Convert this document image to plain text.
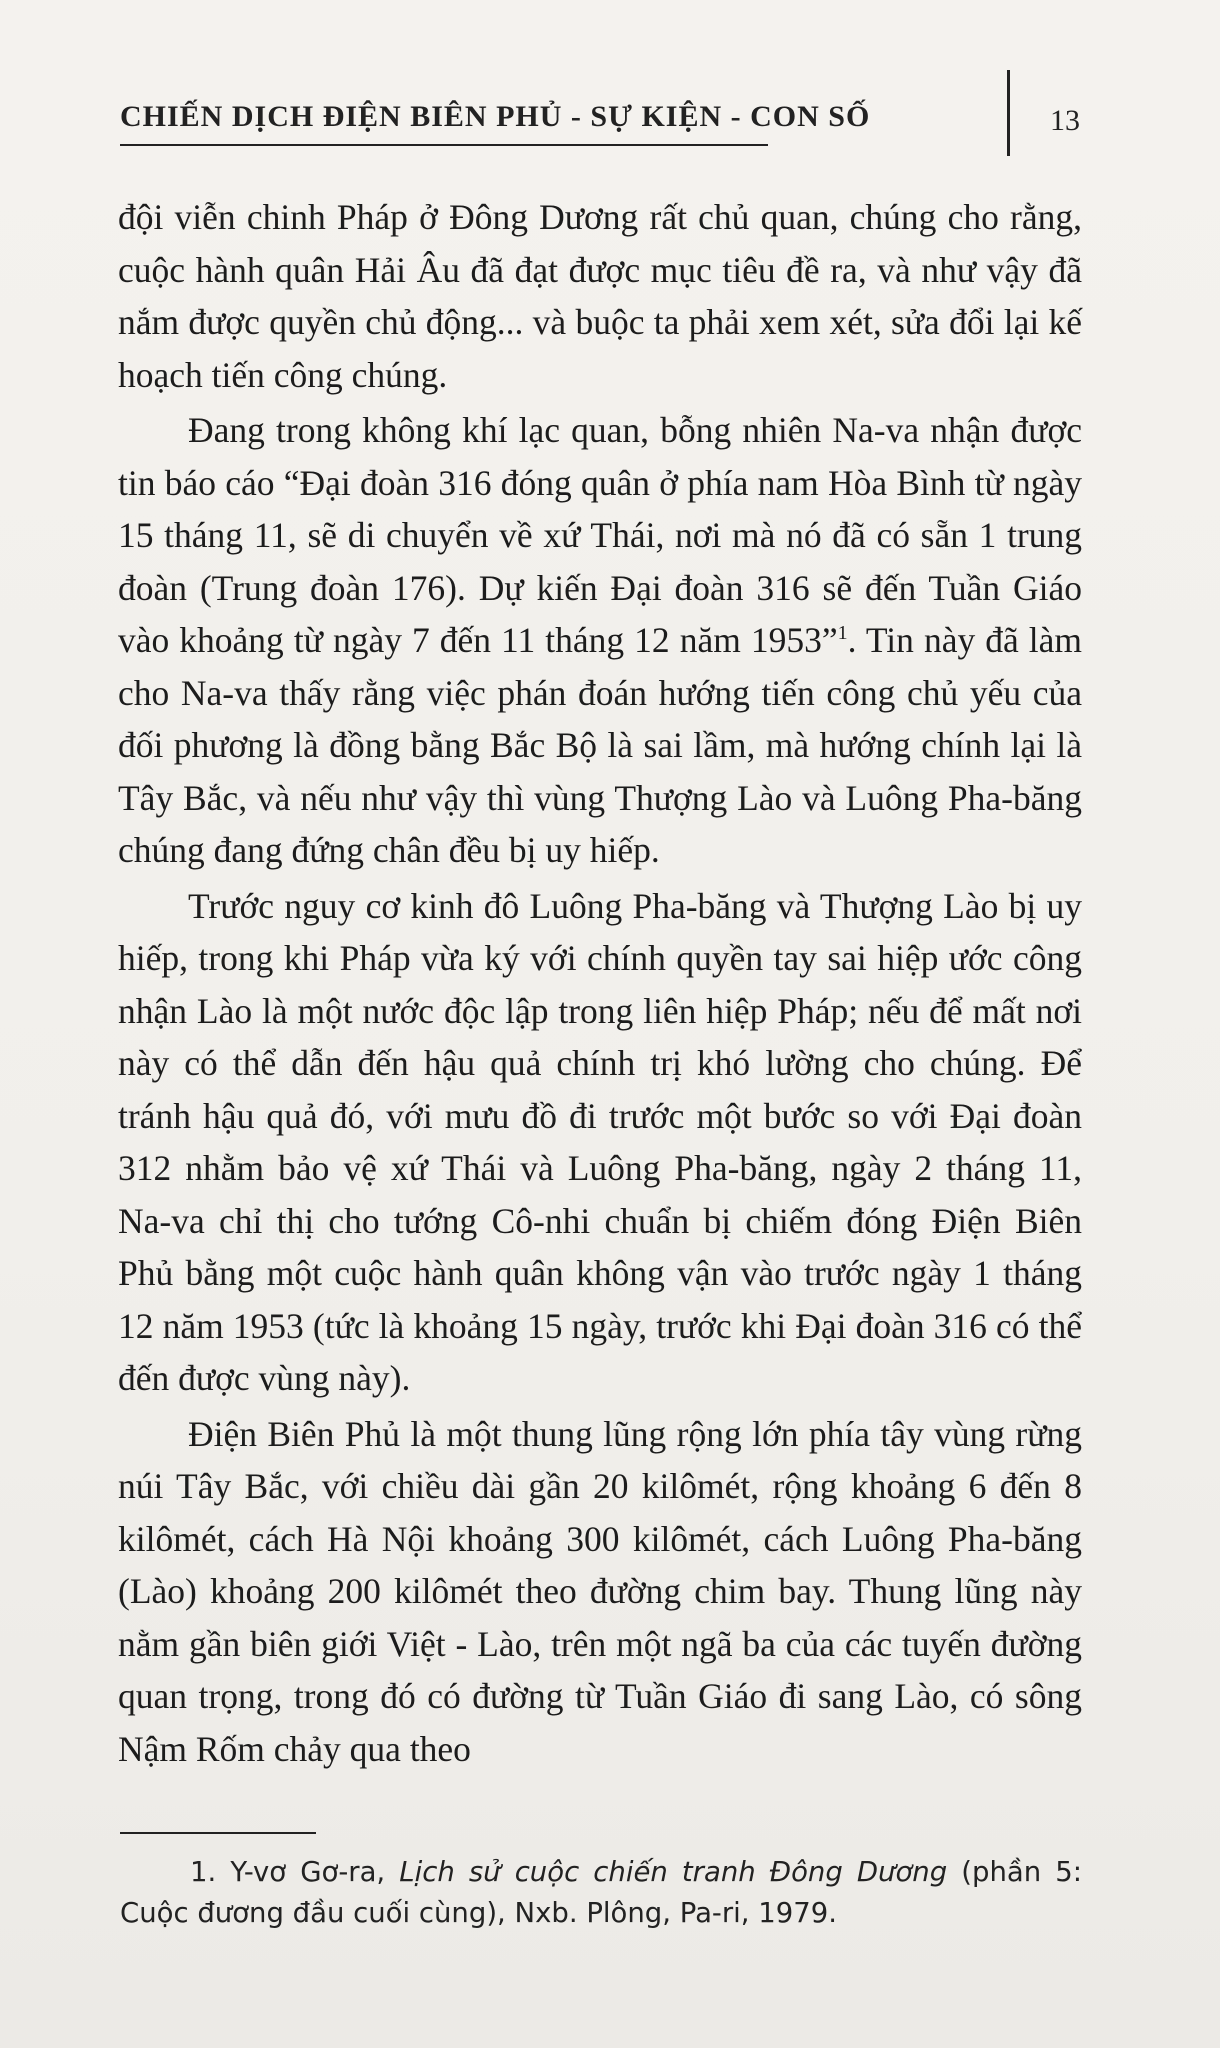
CHIẾN DỊCH ĐIỆN BIÊN PHỦ - SỰ KIỆN - CON SỐ	13

đội viễn chinh Pháp ở Đông Dương rất chủ quan, chúng cho rằng, cuộc hành quân Hải Âu đã đạt được mục tiêu đề ra, và như vậy đã nắm được quyền chủ động... và buộc ta phải xem xét, sửa đổi lại kế hoạch tiến công chúng.

Đang trong không khí lạc quan, bỗng nhiên Na-va nhận được tin báo cáo “Đại đoàn 316 đóng quân ở phía nam Hòa Bình từ ngày 15 tháng 11, sẽ di chuyển về xứ Thái, nơi mà nó đã có sẵn 1 trung đoàn (Trung đoàn 176). Dự kiến Đại đoàn 316 sẽ đến Tuần Giáo vào khoảng từ ngày 7 đến 11 tháng 12 năm 1953”$^1$. Tin này đã làm cho Na-va thấy rằng việc phán đoán hướng tiến công chủ yếu của đối phương là đồng bằng Bắc Bộ là sai lầm, mà hướng chính lại là Tây Bắc, và nếu như vậy thì vùng Thượng Lào và Luông Pha-băng chúng đang đứng chân đều bị uy hiếp.

Trước nguy cơ kinh đô Luông Pha-băng và Thượng Lào bị uy hiếp, trong khi Pháp vừa ký với chính quyền tay sai hiệp ước công nhận Lào là một nước độc lập trong liên hiệp Pháp; nếu để mất nơi này có thể dẫn đến hậu quả chính trị khó lường cho chúng. Để tránh hậu quả đó, với mưu đồ đi trước một bước so với Đại đoàn 312 nhằm bảo vệ xứ Thái và Luông Pha-băng, ngày 2 tháng 11, Na-va chỉ thị cho tướng Cô-nhi chuẩn bị chiếm đóng Điện Biên Phủ bằng một cuộc hành quân không vận vào trước ngày 1 tháng 12 năm 1953 (tức là khoảng 15 ngày, trước khi Đại đoàn 316 có thể đến được vùng này).

Điện Biên Phủ là một thung lũng rộng lớn phía tây vùng rừng núi Tây Bắc, với chiều dài gần 20 kilômét, rộng khoảng 6 đến 8 kilômét, cách Hà Nội khoảng 300 kilômét, cách Luông Pha-băng (Lào) khoảng 200 kilômét theo đường chim bay. Thung lũng này nằm gần biên giới Việt - Lào, trên một ngã ba của các tuyến đường quan trọng, trong đó có đường từ Tuần Giáo đi sang Lào, có sông Nậm Rốm chảy qua theo

1. Y-vơ Gơ-ra, Lịch sử cuộc chiến tranh Đông Dương (phần 5: Cuộc đương đầu cuối cùng), Nxb. Plông, Pa-ri, 1979.
